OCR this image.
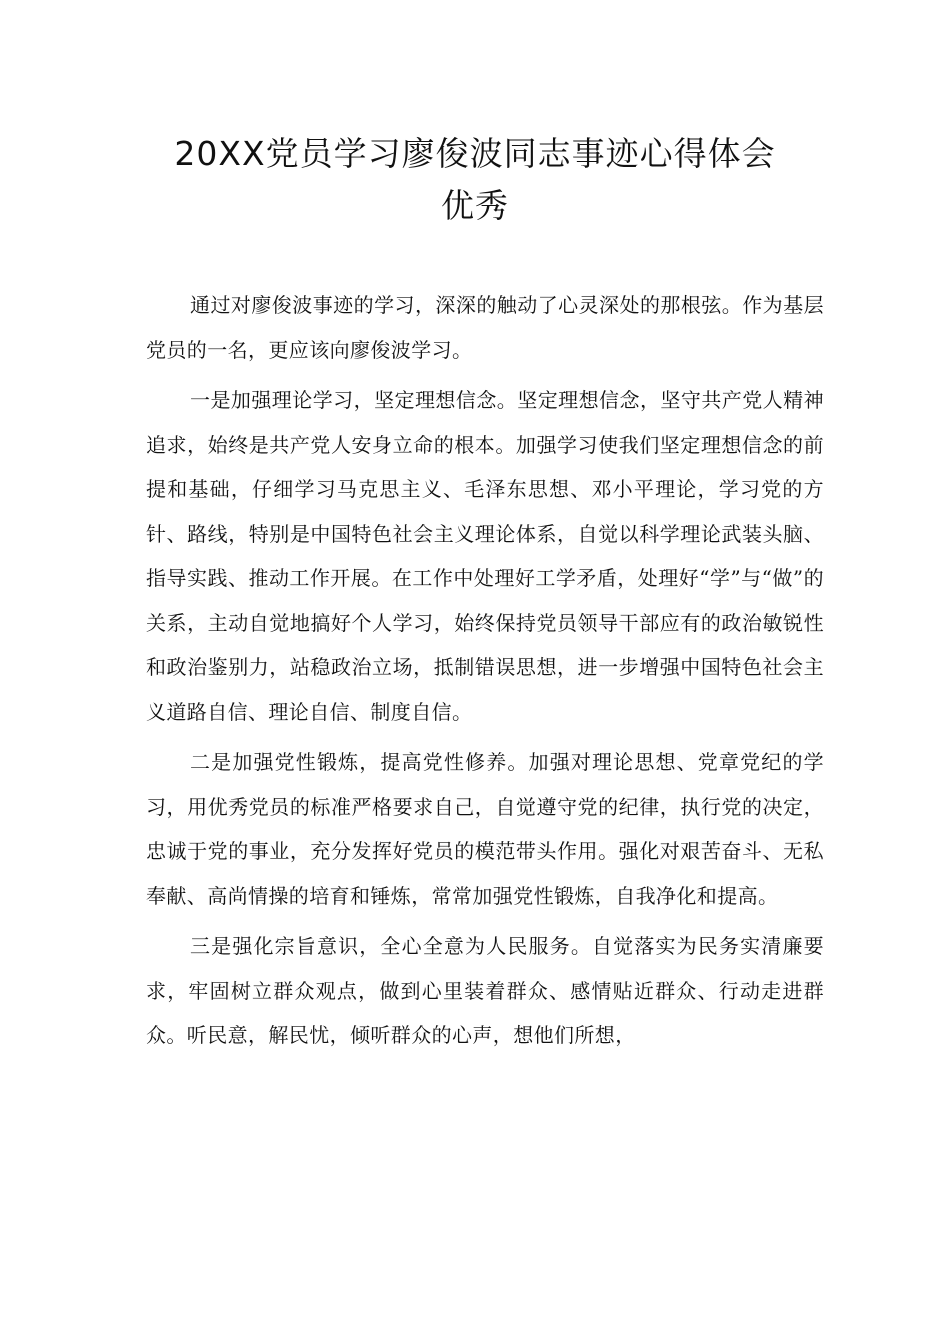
20XX党员学习廖俊波同志事迹心得体会
优秀

通过对廖俊波事迹的学习，深深的触动了心灵深处的那根弦。作为基层党员的一名，更应该向廖俊波学习。

一是加强理论学习，坚定理想信念。坚定理想信念，坚守共产党人精神追求，始终是共产党人安身立命的根本。加强学习使我们坚定理想信念的前提和基础，仔细学习马克思主义、毛泽东思想、邓小平理论，学习党的方针、路线，特别是中国特色社会主义理论体系，自觉以科学理论武装头脑、指导实践、推动工作开展。在工作中处理好工学矛盾，处理好“学”与“做”的关系，主动自觉地搞好个人学习，始终保持党员领导干部应有的政治敏锐性和政治鉴别力，站稳政治立场，抵制错误思想，进一步增强中国特色社会主义道路自信、理论自信、制度自信。

二是加强党性锻炼，提高党性修养。加强对理论思想、党章党纪的学习，用优秀党员的标准严格要求自己，自觉遵守党的纪律，执行党的决定，忠诚于党的事业，充分发挥好党员的模范带头作用。强化对艰苦奋斗、无私奉献、高尚情操的培育和锤炼，常常加强党性锻炼，自我净化和提高。

三是强化宗旨意识，全心全意为人民服务。自觉落实为民务实清廉要求，牢固树立群众观点，做到心里装着群众、感情贴近群众、行动走进群众。听民意，解民忧，倾听群众的心声，想他们所想，
